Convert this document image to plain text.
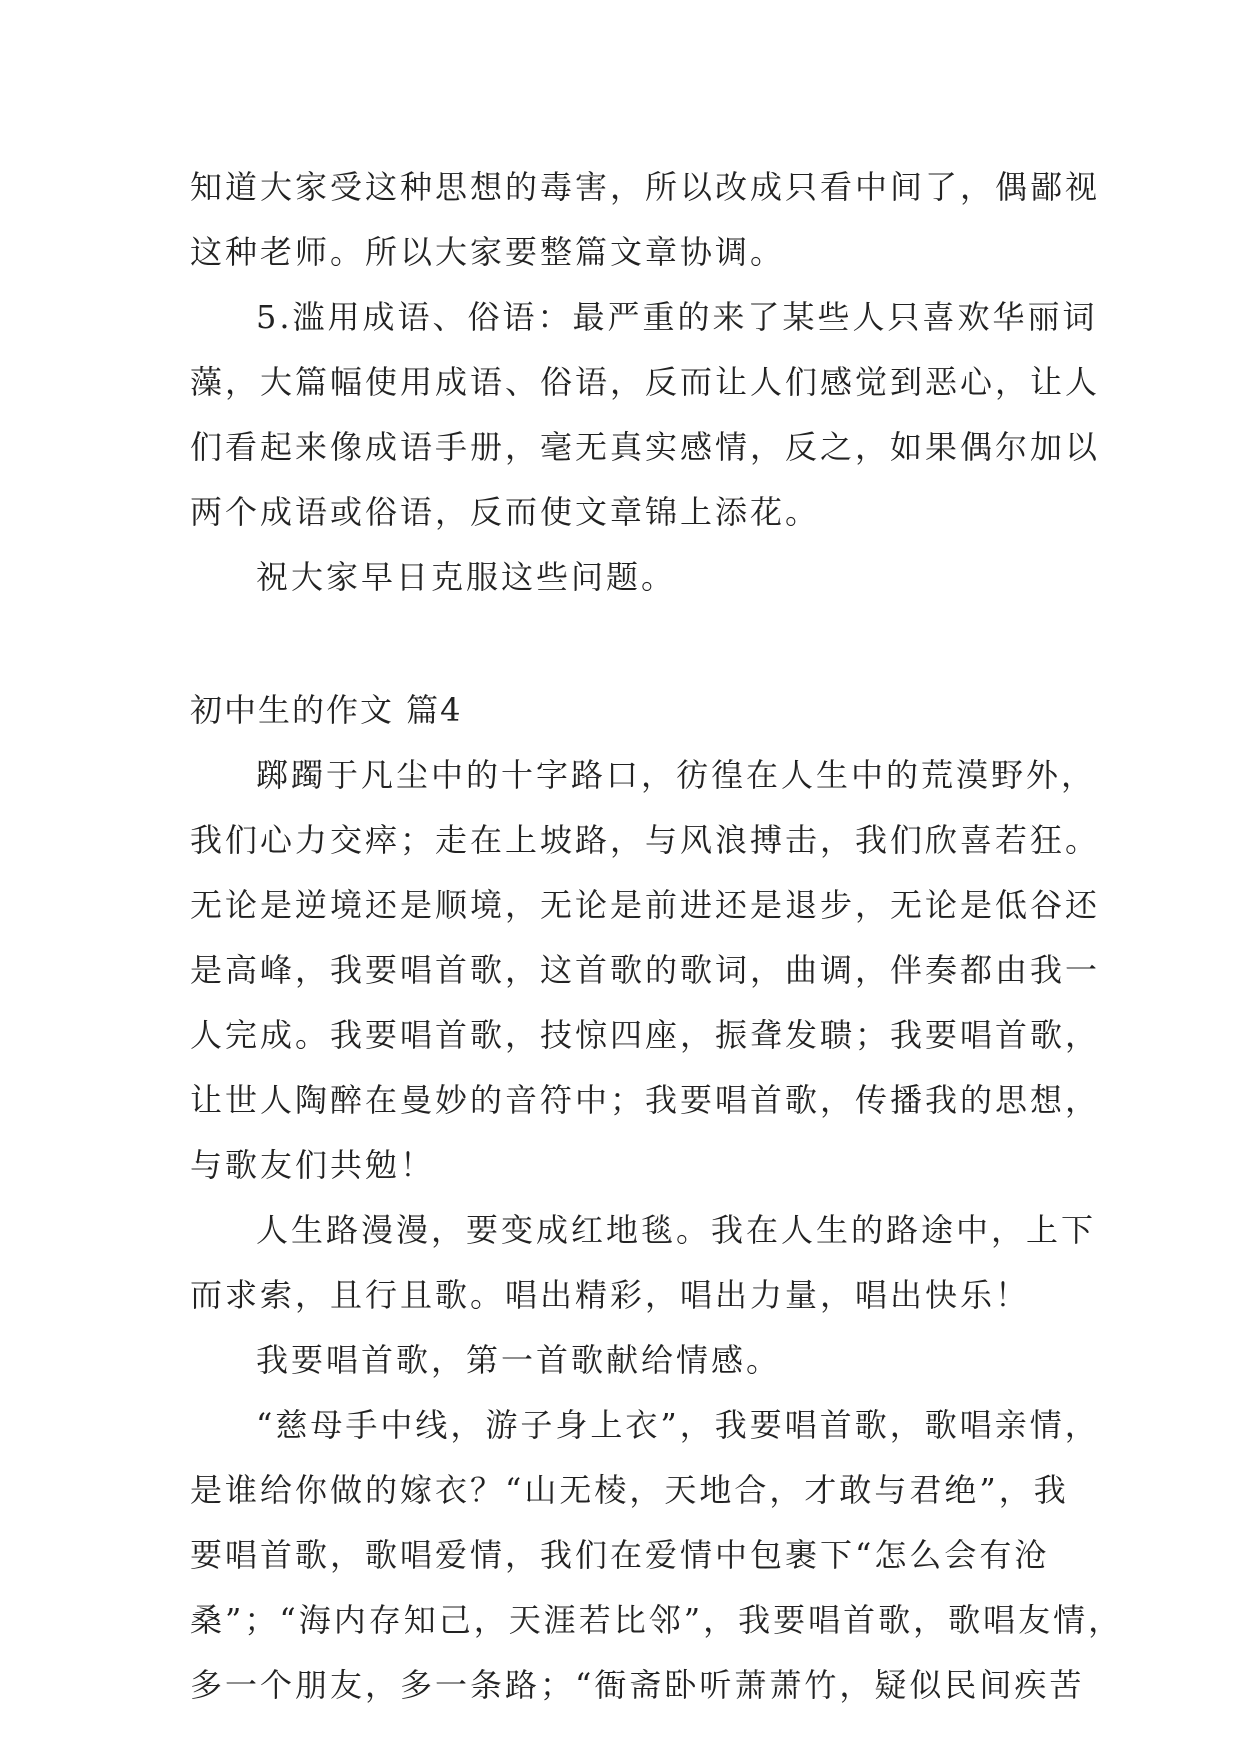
知道大家受这种思想的毒害，所以改成只看中间了，偶鄙视
这种老师。所以大家要整篇文章协调。
5.滥用成语、俗语：最严重的来了某些人只喜欢华丽词
藻，大篇幅使用成语、俗语，反而让人们感觉到恶心，让人
们看起来像成语手册，毫无真实感情，反之，如果偶尔加以
两个成语或俗语，反而使文章锦上添花。
祝大家早日克服这些问题。
初中生的作文 篇4
踯躅于凡尘中的十字路口，彷徨在人生中的荒漠野外，
我们心力交瘁；走在上坡路，与风浪搏击，我们欣喜若狂。
无论是逆境还是顺境，无论是前进还是退步，无论是低谷还
是高峰，我要唱首歌，这首歌的歌词，曲调，伴奏都由我一
人完成。我要唱首歌，技惊四座，振聋发聩；我要唱首歌，
让世人陶醉在曼妙的音符中；我要唱首歌，传播我的思想，
与歌友们共勉！
人生路漫漫，要变成红地毯。我在人生的路途中，上下
而求索，且行且歌。唱出精彩，唱出力量，唱出快乐！
我要唱首歌，第一首歌献给情感。
“慈母手中线，游子身上衣”，我要唱首歌，歌唱亲情，
是谁给你做的嫁衣？“山无棱，天地合，才敢与君绝”，我
要唱首歌，歌唱爱情，我们在爱情中包裹下“怎么会有沧
桑”；“海内存知己，天涯若比邻”，我要唱首歌，歌唱友情，
多一个朋友，多一条路；“衙斋卧听萧萧竹，疑似民间疾苦
